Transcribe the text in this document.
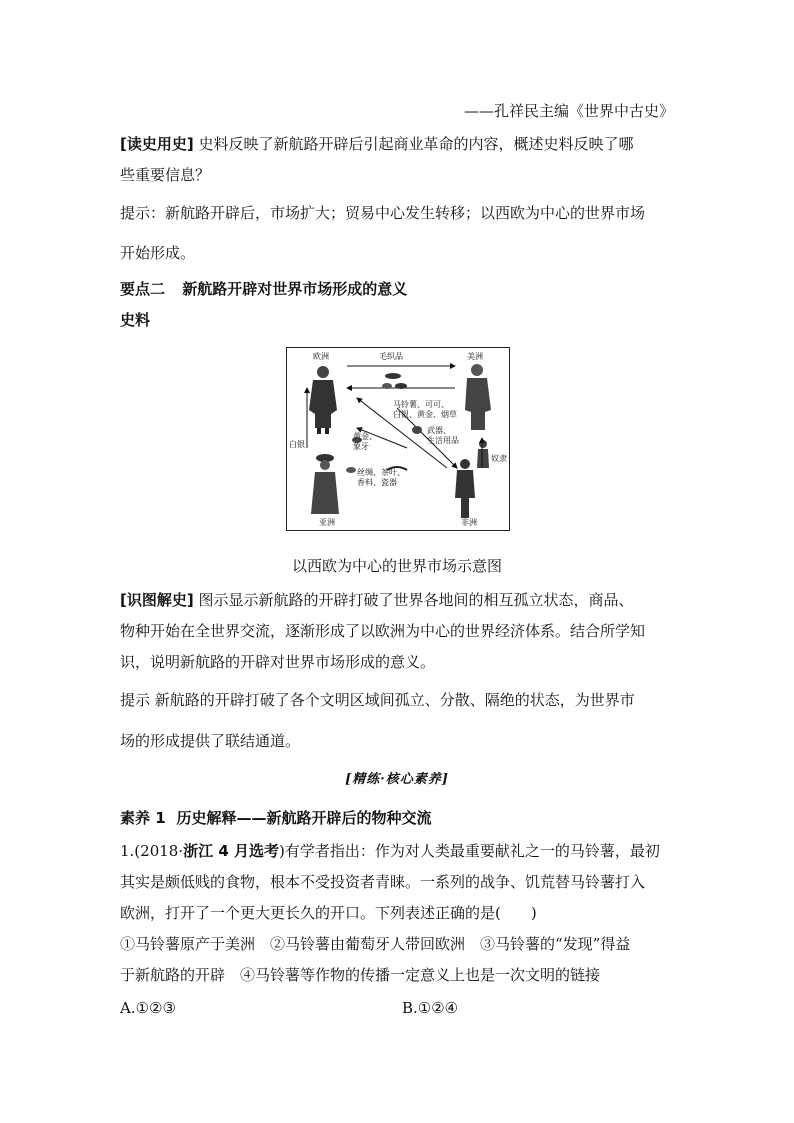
——孔祥民主编《世界中古史》
[读史用史] 史料反映了新航路开辟后引起商业革命的内容，概述史料反映了哪
些重要信息？
提示：新航路开辟后，市场扩大；贸易中心发生转移；以西欧为中心的世界市场
开始形成。
要点二 新航路开辟对世界市场形成的意义
史料
欧洲	美洲
毛织品
马铃薯、可可、
白银、黄金、烟草
武器、
生活用品
黄金、
象牙
丝绸、茶叶、
香料、瓷器
白银
奴隶
亚洲	非洲
以西欧为中心的世界市场示意图
[识图解史] 图示显示新航路的开辟打破了世界各地间的相互孤立状态，商品、
物种开始在全世界交流，逐渐形成了以欧洲为中心的世界经济体系。结合所学知
识，说明新航路的开辟对世界市场形成的意义。
提示 新航路的开辟打破了各个文明区域间孤立、分散、隔绝的状态，为世界市
场的形成提供了联结通道。
[精练·核心素养]
素养 1 历史解释——新航路开辟后的物种交流
1.(2018·浙江 4 月选考)有学者指出：作为对人类最重要献礼之一的马铃薯，最初
其实是颇低贱的食物，根本不受投资者青睐。一系列的战争、饥荒替马铃薯打入
欧洲，打开了一个更大更长久的开口。下列表述正确的是(　　)
①马铃薯原产于美洲　②马铃薯由葡萄牙人带回欧洲　③马铃薯的“发现”得益
于新航路的开辟　④马铃薯等作物的传播一定意义上也是一次文明的链接
A.①②③	B.①②④
